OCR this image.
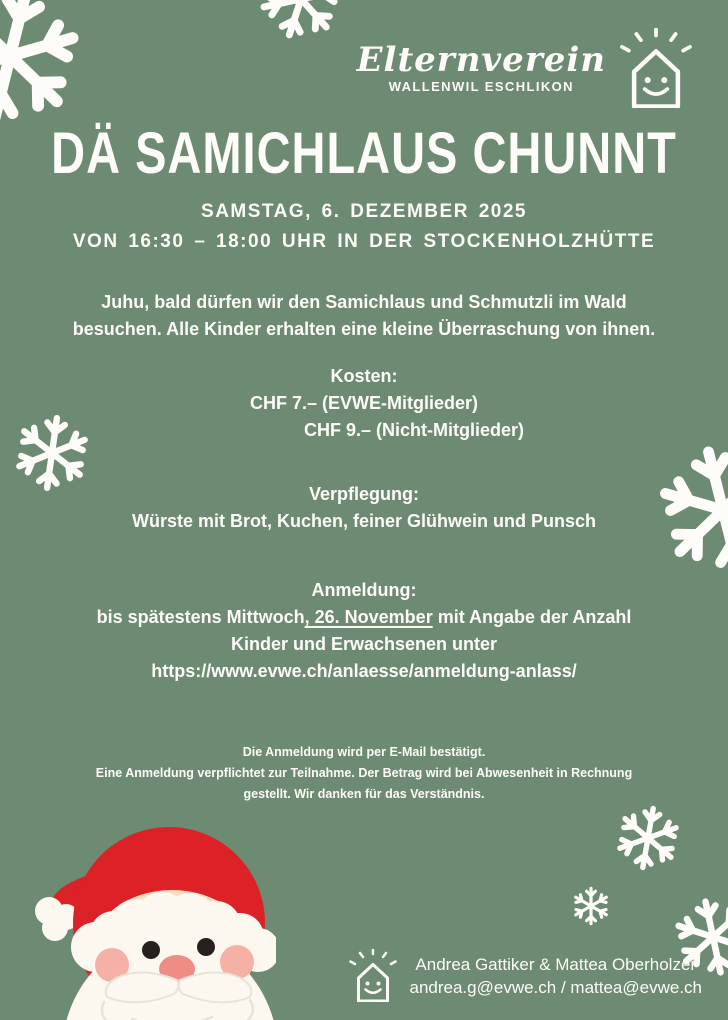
Elternverein
WALLENWIL ESCHLIKON
DÄ SAMICHLAUS CHUNNT
SAMSTAG, 6. DEZEMBER 2025
VON 16:30 – 18:00 UHR IN DER STOCKENHOLZHÜTTE
Juhu, bald dürfen wir den Samichlaus und Schmutzli im Wald
besuchen. Alle Kinder erhalten eine kleine Überraschung von ihnen.
Kosten:
CHF 7.– (EVWE-Mitglieder)
CHF 9.– (Nicht-Mitglieder)
Verpflegung:
Würste mit Brot, Kuchen, feiner Glühwein und Punsch
Anmeldung:
bis spätestens Mittwoch, 26. November mit Angabe der Anzahl
Kinder und Erwachsenen unter
https://www.evwe.ch/anlaesse/anmeldung-anlass/
Die Anmeldung wird per E-Mail bestätigt.
Eine Anmeldung verpflichtet zur Teilnahme. Der Betrag wird bei Abwesenheit in Rechnung
gestellt. Wir danken für das Verständnis.
Andrea Gattiker & Mattea Oberholzer
andrea.g@evwe.ch / mattea@evwe.ch
